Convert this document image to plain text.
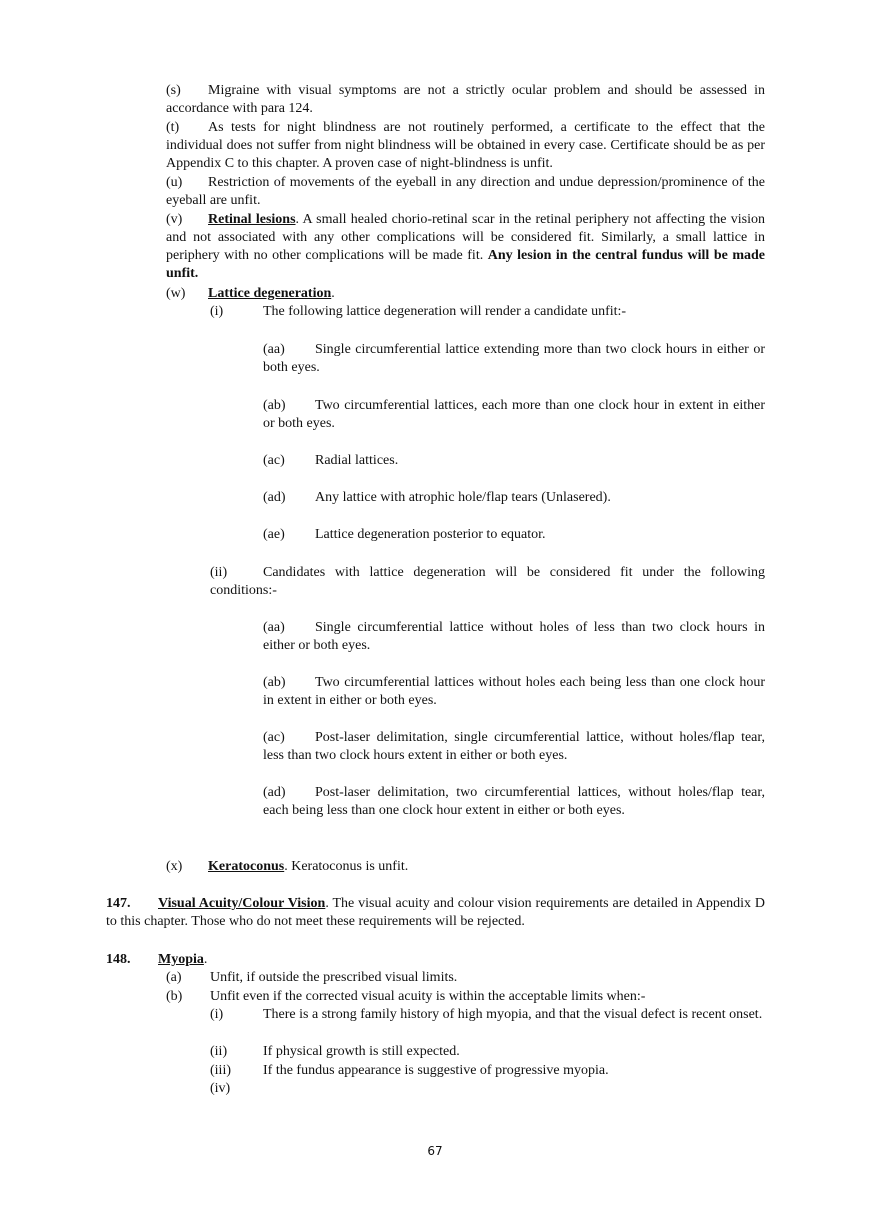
(s) Migraine with visual symptoms are not a strictly ocular problem and should be assessed in accordance with para 124.
(t) As tests for night blindness are not routinely performed, a certificate to the effect that the individual does not suffer from night blindness will be obtained in every case. Certificate should be as per Appendix C to this chapter. A proven case of night-blindness is unfit.
(u) Restriction of movements of the eyeball in any direction and undue depression/prominence of the eyeball are unfit.
(v) Retinal lesions. A small healed chorio-retinal scar in the retinal periphery not affecting the vision and not associated with any other complications will be considered fit. Similarly, a small lattice in periphery with no other complications will be made fit. Any lesion in the central fundus will be made unfit.
(w) Lattice degeneration.
(i)	The following lattice degeneration will render a candidate unfit:-
(aa) Single circumferential lattice extending more than two clock hours in either or both eyes.
(ab) Two circumferential lattices, each more than one clock hour in extent in either or both eyes.
(ac) Radial lattices.
(ad) Any lattice with atrophic hole/flap tears (Unlasered).
(ae) Lattice degeneration posterior to equator.
(ii)	Candidates with lattice degeneration will be considered fit under the following conditions:-
(aa) Single circumferential lattice without holes of less than two clock hours in either or both eyes.
(ab) Two circumferential lattices without holes each being less than one clock hour in extent in either or both eyes.
(ac) Post-laser delimitation, single circumferential lattice, without holes/flap tear, less than two clock hours extent in either or both eyes.
(ad) Post-laser delimitation, two circumferential lattices, without holes/flap tear, each being less than one clock hour extent in either or both eyes.
(x) Keratoconus. Keratoconus is unfit.
147. Visual Acuity/Colour Vision. The visual acuity and colour vision requirements are detailed in Appendix D to this chapter. Those who do not meet these requirements will be rejected.
148. Myopia.
(a) Unfit, if outside the prescribed visual limits.
(b) Unfit even if the corrected visual acuity is within the acceptable limits when:-
(i)	There is a strong family history of high myopia, and that the visual defect is recent onset.
(ii)	If physical growth is still expected.
(iii) If the fundus appearance is suggestive of progressive myopia.
(iv)
67
